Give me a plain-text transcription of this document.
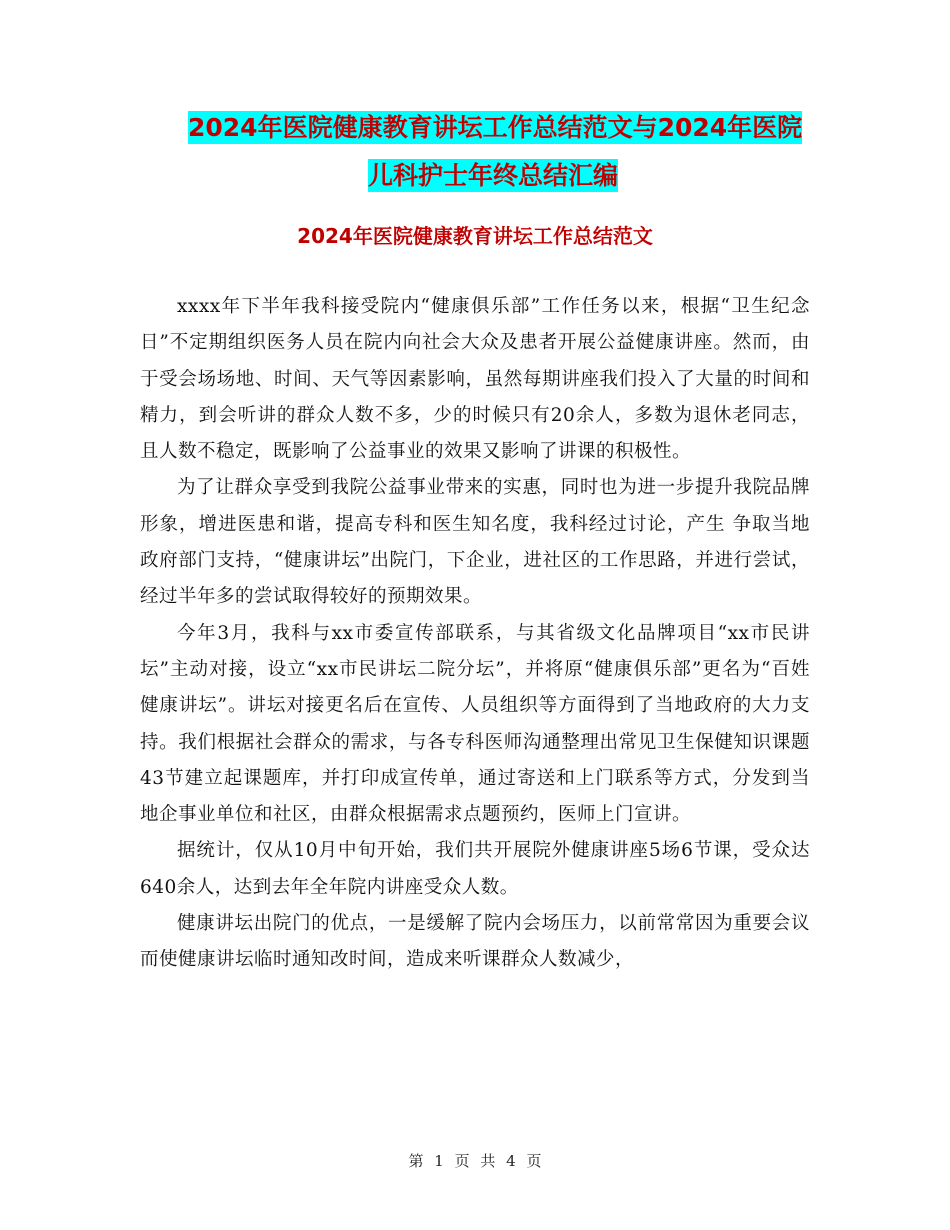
2024年医院健康教育讲坛工作总结范文与2024年医院
儿科护士年终总结汇编
2024年医院健康教育讲坛工作总结范文

xxxx年下半年我科接受院内“健康俱乐部”工作任务以来，根据“卫生纪念日”不定期组织医务人员在院内向社会大众及患者开展公益健康讲座。然而，由于受会场场地、时间、天气等因素影响，虽然每期讲座我们投入了大量的时间和精力，到会听讲的群众人数不多，少的时候只有20余人，多数为退休老同志，且人数不稳定，既影响了公益事业的效果又影响了讲课的积极性。

为了让群众享受到我院公益事业带来的实惠，同时也为进一步提升我院品牌形象，增进医患和谐，提高专科和医生知名度，我科经过讨论，产生 争取当地政府部门支持，“健康讲坛”出院门，下企业，进社区的工作思路，并进行尝试，经过半年多的尝试取得较好的预期效果。

今年3月，我科与xx市委宣传部联系，与其省级文化品牌项目“xx市民讲坛”主动对接，设立“xx市民讲坛二院分坛”，并将原“健康俱乐部”更名为“百姓健康讲坛”。讲坛对接更名后在宣传、人员组织等方面得到了当地政府的大力支持。我们根据社会群众的需求，与各专科医师沟通整理出常见卫生保健知识课题43节建立起课题库，并打印成宣传单，通过寄送和上门联系等方式，分发到当地企事业单位和社区，由群众根据需求点题预约，医师上门宣讲。

据统计，仅从10月中旬开始，我们共开展院外健康讲座5场6节课，受众达640余人，达到去年全年院内讲座受众人数。

健康讲坛出院门的优点，一是缓解了院内会场压力，以前常常因为重要会议而使健康讲坛临时通知改时间，造成来听课群众人数减少，

第 1 页 共 4 页
